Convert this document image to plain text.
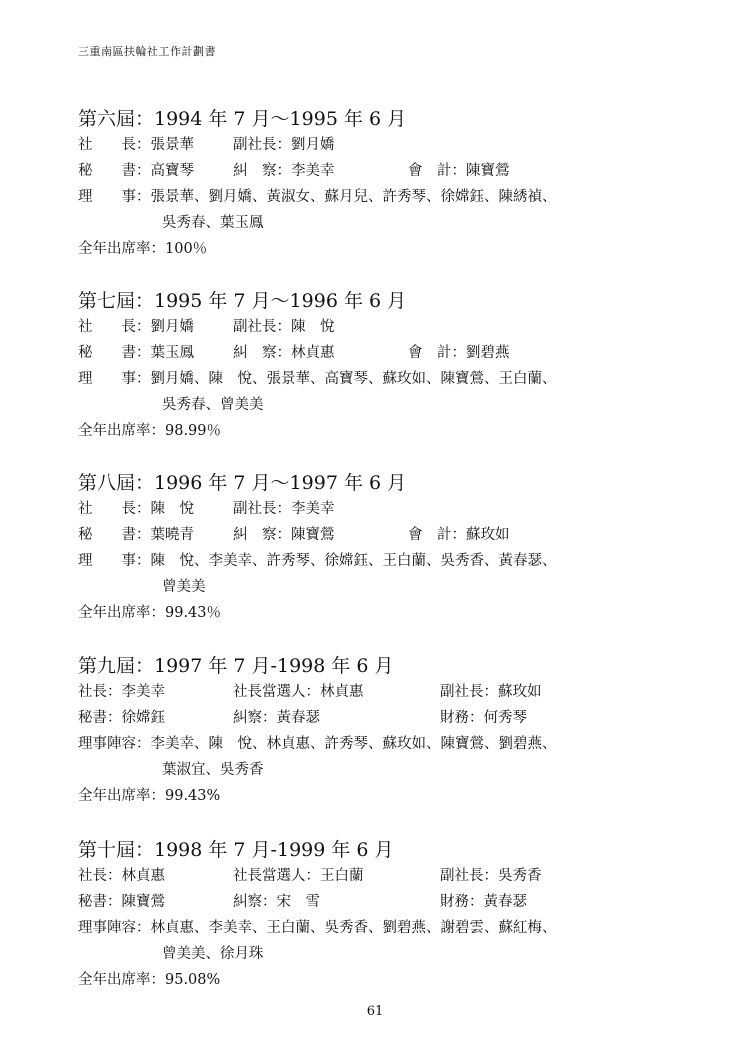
三重南區扶輪社工作計劃書
第六屆：1994 年 7 月～1995 年 6 月
社　　長：張景華	副社長：劉月嬌
秘　　書：高寶琴	糾　察：李美幸	會　計：陳寶鶯
理　　事：張景華、劉月嬌、黃淑女、蘇月兒、許秀琴、徐嫦鈺、陳綉禎、
吳秀春、葉玉鳳
全年出席率：100％
第七屆：1995 年 7 月～1996 年 6 月
社　　長：劉月嬌	副社長：陳　悅
秘　　書：葉玉鳳	糾　察：林貞惠	會　計：劉碧燕
理　　事：劉月嬌、陳　悅、張景華、高寶琴、蘇玫如、陳寶鶯、王白蘭、
吳秀春、曾美美
全年出席率：98.99％
第八屆：1996 年 7 月～1997 年 6 月
社　　長：陳　悅	副社長：李美幸
秘　　書：葉曉青	糾　察：陳寶鶯	會　計：蘇玫如
理　　事：陳　悅、李美幸、許秀琴、徐嫦鈺、王白蘭、吳秀香、黃春瑟、
曾美美
全年出席率：99.43％
第九屆：1997 年 7 月-1998 年 6 月
社長：李美幸	社長當選人：林貞惠	副社長：蘇玫如
秘書：徐嫦鈺	糾察：黃春瑟	財務：何秀琴
理事陣容：李美幸、陳　悅、林貞惠、許秀琴、蘇玫如、陳寶鶯、劉碧燕、
葉淑宜、吳秀香
全年出席率：99.43%
第十屆：1998 年 7 月-1999 年 6 月
社長：林貞惠	社長當選人：王白蘭	副社長：吳秀香
秘書：陳寶鶯	糾察：宋　雪	財務：黃春瑟
理事陣容：林貞惠、李美幸、王白蘭、吳秀香、劉碧燕、謝碧雲、蘇紅梅、
曾美美、徐月珠
全年出席率：95.08%
61
